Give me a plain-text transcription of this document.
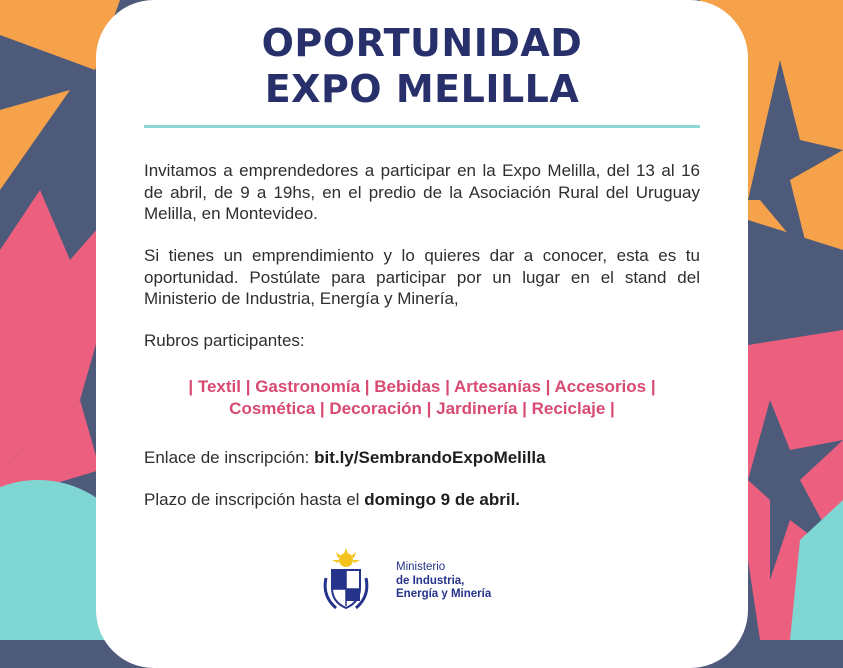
OPORTUNIDAD
EXPO MELILLA

Invitamos a emprendedores a participar en la Expo Melilla, del 13 al 16 de abril, de 9 a 19hs, en el predio de la Asociación Rural del Uruguay Melilla, en Montevideo.

Si tienes un emprendimiento y lo quieres dar a conocer, esta es tu oportunidad. Postúlate para participar por un lugar en el stand del Ministerio de Industria, Energía y Minería,

Rubros participantes:

| Textil | Gastronomía | Bebidas | Artesanías | Accesorios |
Cosmética | Decoración | Jardinería | Reciclaje |

Enlace de inscripción: bit.ly/SembrandoExpoMelilla

Plazo de inscripción hasta el domingo 9 de abril.

Ministerio
de Industria,
Energía y Minería
